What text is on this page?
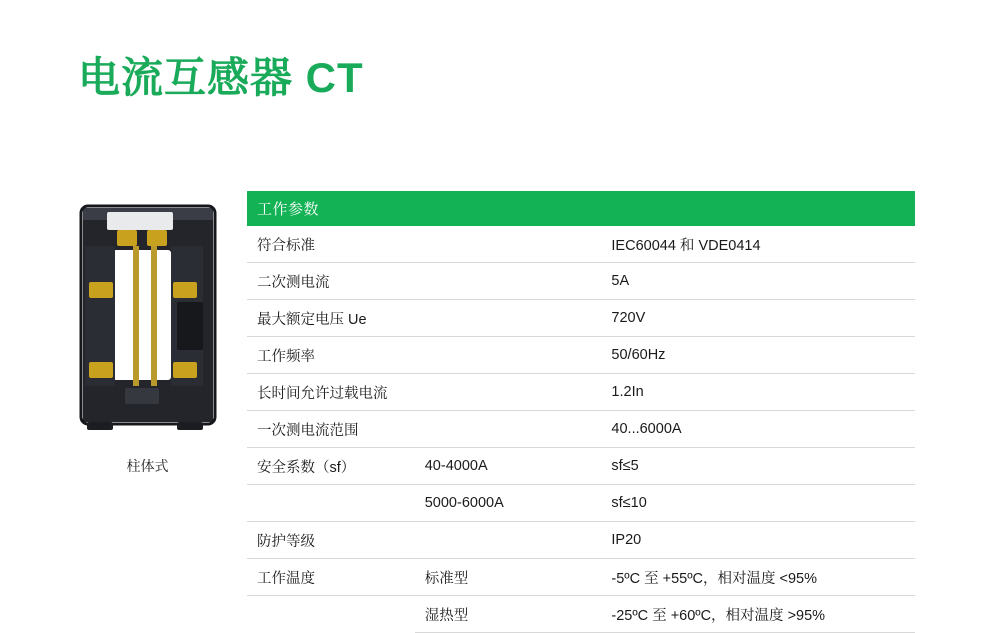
电流互感器 CT
柱体式
工作参数		
符合标准		IEC60044 和 VDE0414
二次测电流		5A
最大额定电压 Ue		720V
工作频率		50/60Hz
长时间允许过载电流		1.2In
一次测电流范围		40...6000A
安全系数（sf）	40-4000A	sf≤5
	5000-6000A	sf≤10
防护等级		IP20
工作温度	标准型	-5ºC 至 +55ºC，相对温度 <95%
	湿热型	-25ºC 至 +60ºC，相对温度 >95%
